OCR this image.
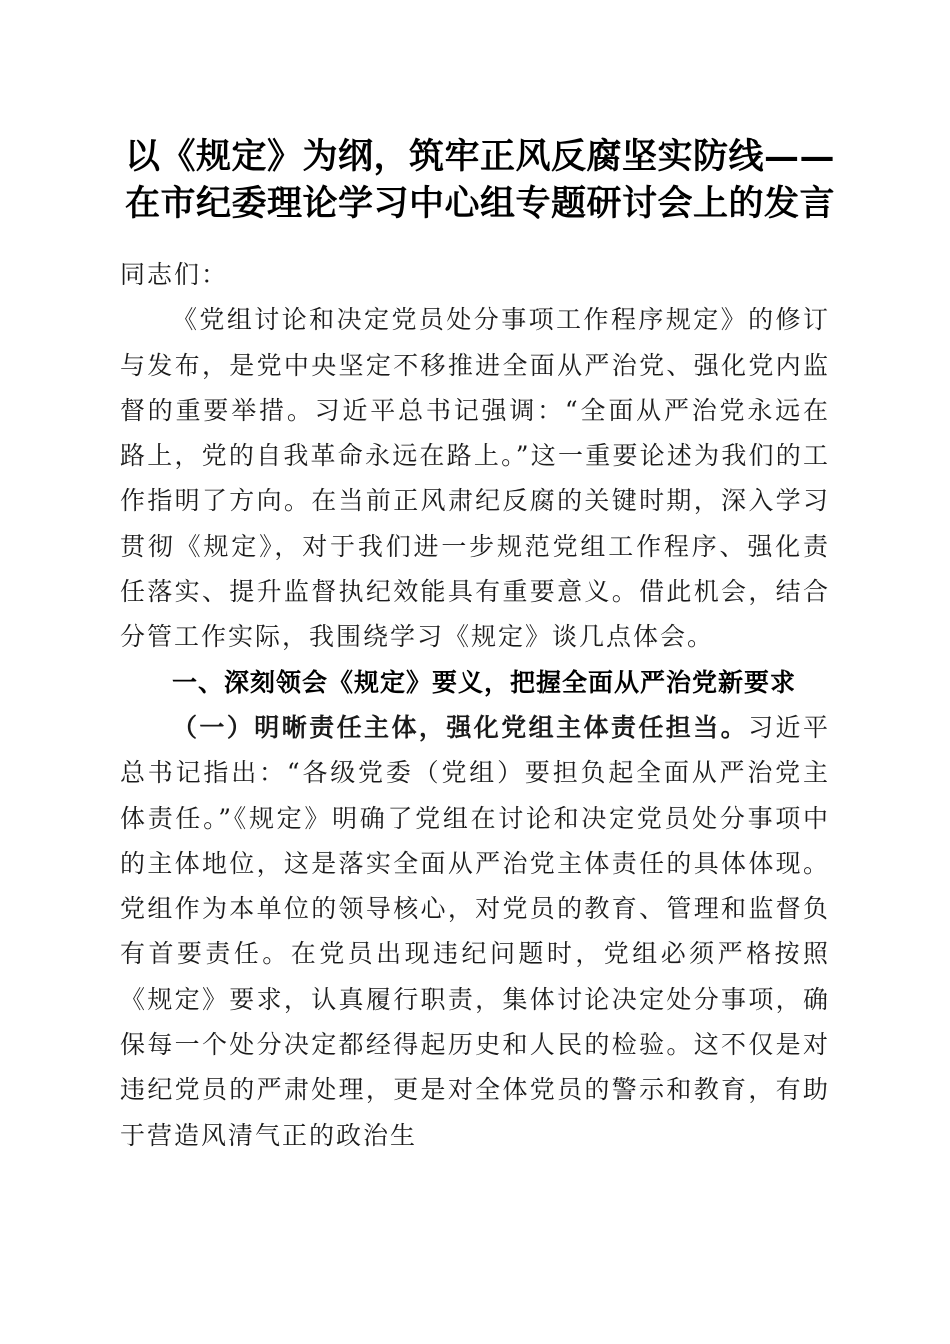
以《规定》为纲，筑牢正风反腐坚实防线——
在市纪委理论学习中心组专题研讨会上的发言

同志们：

《党组讨论和决定党员处分事项工作程序规定》的修订与发布，是党中央坚定不移推进全面从严治党、强化党内监督的重要举措。习近平总书记强调：“全面从严治党永远在路上，党的自我革命永远在路上。”这一重要论述为我们的工作指明了方向。在当前正风肃纪反腐的关键时期，深入学习贯彻《规定》，对于我们进一步规范党组工作程序、强化责任落实、提升监督执纪效能具有重要意义。借此机会，结合分管工作实际，我围绕学习《规定》谈几点体会。

一、深刻领会《规定》要义，把握全面从严治党新要求

（一）明晰责任主体，强化党组主体责任担当。习近平总书记指出：“各级党委（党组）要担负起全面从严治党主体责任。”《规定》明确了党组在讨论和决定党员处分事项中的主体地位，这是落实全面从严治党主体责任的具体体现。党组作为本单位的领导核心，对党员的教育、管理和监督负有首要责任。在党员出现违纪问题时，党组必须严格按照《规定》要求，认真履行职责，集体讨论决定处分事项，确保每一个处分决定都经得起历史和人民的检验。这不仅是对违纪党员的严肃处理，更是对全体党员的警示和教育，有助于营造风清气正的政治生
